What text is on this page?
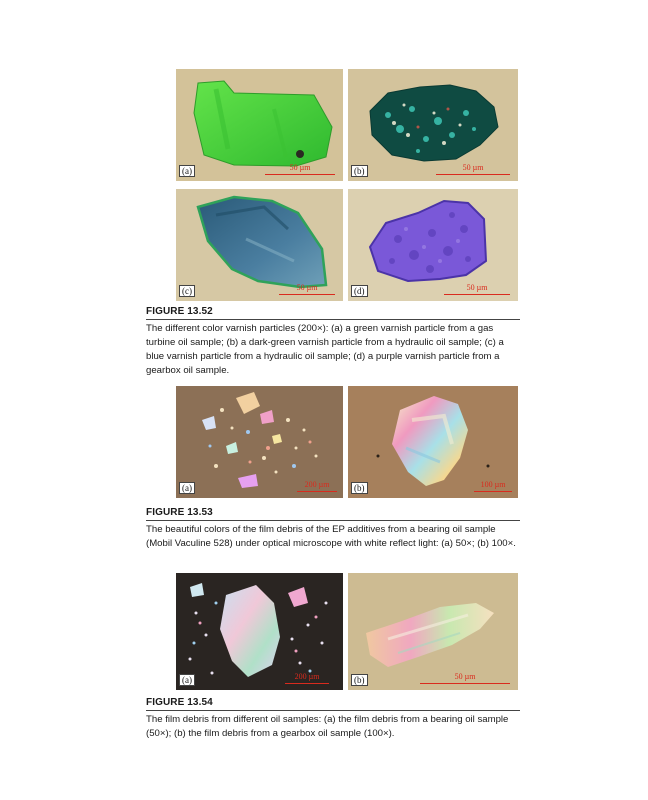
(a)	50 µm	(b)	50 µm
(c)	50 µm	(d)	50 µm
FIGURE 13.52

The different color varnish particles (200×): (a) a green varnish particle from a gas turbine oil sample; (b) a dark-green varnish particle from a hydraulic oil sample; (c) a blue varnish particle from a hydraulic oil sample; (d) a purple varnish particle from a gearbox oil sample.

(a)	200 µm	(b)	100 µm
FIGURE 13.53

The beautiful colors of the film debris of the EP additives from a bearing oil sample (Mobil Vaculine 528) under optical microscope with white reflect light: (a) 50×; (b) 100×.

(a)	200 µm	(b)	50 µm
FIGURE 13.54

The film debris from different oil samples: (a) the film debris from a bearing oil sample (50×); (b) the film debris from a gearbox oil sample (100×).
